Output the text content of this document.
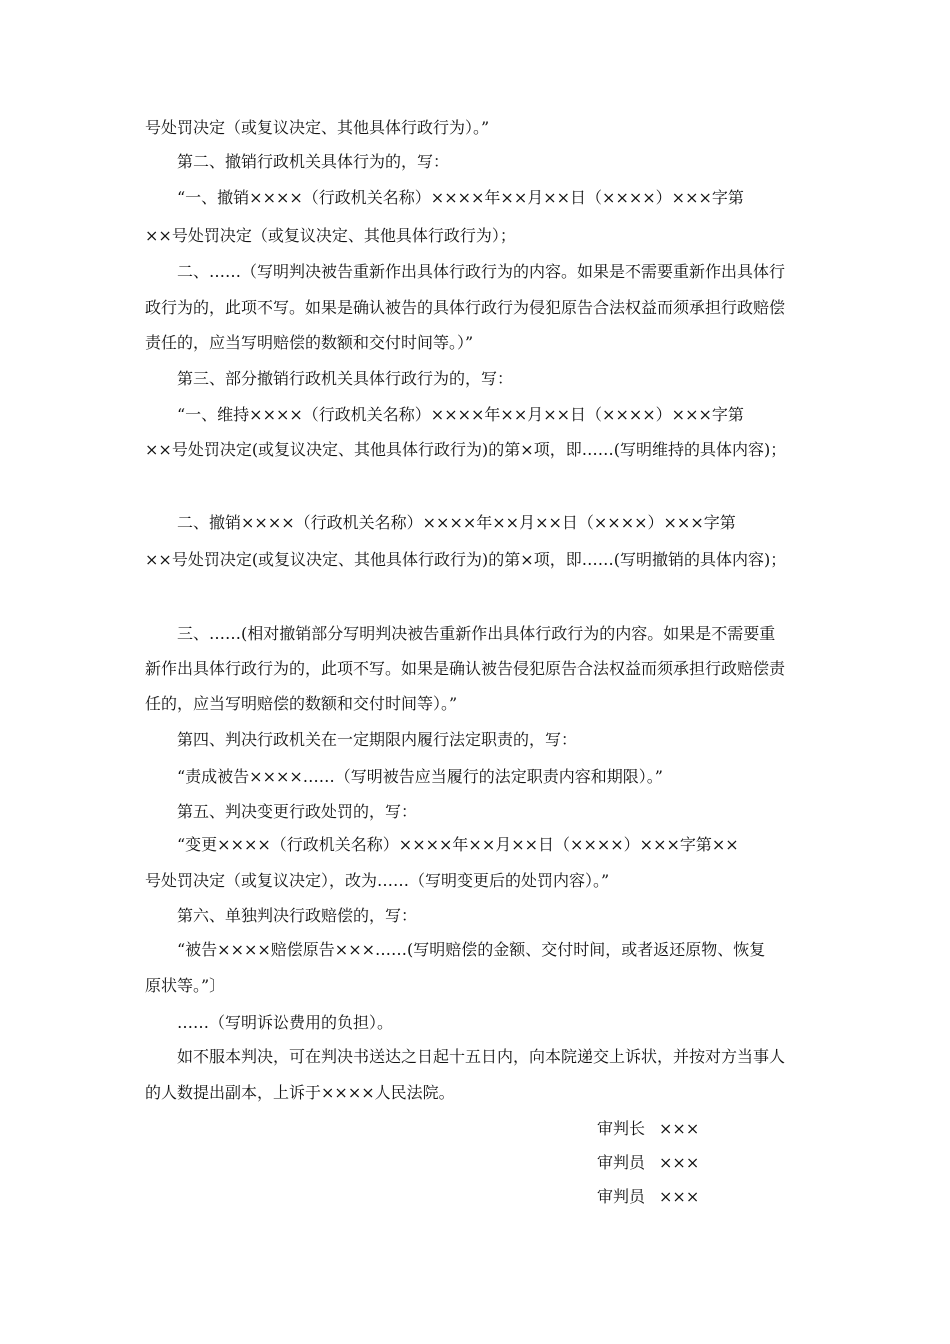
号处罚决定（或复议决定、其他具体行政行为）。”
第二、撤销行政机关具体行为的，写：
“一、撤销××××（行政机关名称）××××年××月××日（××××）×××字第
××号处罚决定（或复议决定、其他具体行政行为）；
二、……（写明判决被告重新作出具体行政行为的内容。如果是不需要重新作出具体行
政行为的，此项不写。如果是确认被告的具体行政行为侵犯原告合法权益而须承担行政赔偿
责任的，应当写明赔偿的数额和交付时间等。）”
第三、部分撤销行政机关具体行政行为的，写：
“一、维持××××（行政机关名称）××××年××月××日（××××）×××字第
××号处罚决定(或复议决定、其他具体行政行为)的第×项，即……(写明维持的具体内容)；
二、撤销××××（行政机关名称）××××年××月××日（××××）×××字第
××号处罚决定(或复议决定、其他具体行政行为)的第×项，即……(写明撤销的具体内容)；
三、……(相对撤销部分写明判决被告重新作出具体行政行为的内容。如果是不需要重
新作出具体行政行为的，此项不写。如果是确认被告侵犯原告合法权益而须承担行政赔偿责
任的，应当写明赔偿的数额和交付时间等）。”
第四、判决行政机关在一定期限内履行法定职责的，写：
“责成被告××××……（写明被告应当履行的法定职责内容和期限）。”
第五、判决变更行政处罚的，写：
“变更××××（行政机关名称）××××年××月××日（××××）×××字第××
号处罚决定（或复议决定），改为……（写明变更后的处罚内容）。”
第六、单独判决行政赔偿的，写：
“被告××××赔偿原告×××……(写明赔偿的金额、交付时间，或者返还原物、恢复
原状等。”〕
……（写明诉讼费用的负担）。
如不服本判决，可在判决书送达之日起十五日内，向本院递交上诉状，并按对方当事人
的人数提出副本，上诉于××××人民法院。
审判长 ×××
审判员 ×××
审判员 ×××
